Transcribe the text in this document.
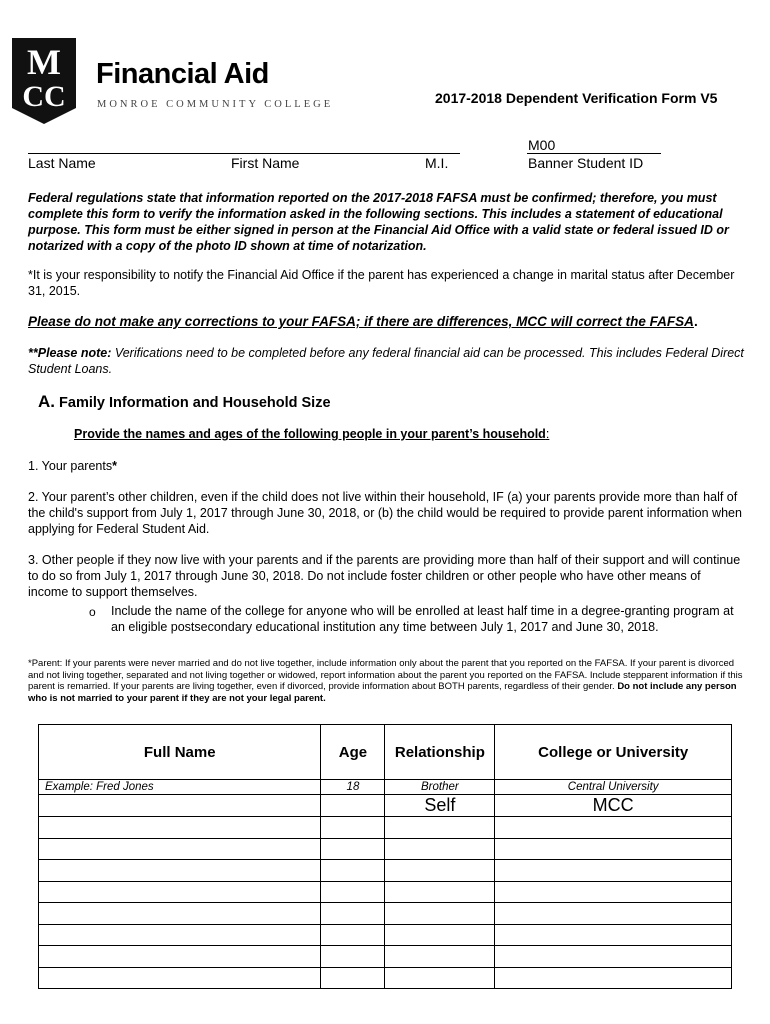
M
CC
Financial Aid
MONROE COMMUNITY COLLEGE	2017-2018 Dependent Verification Form V5
M00
Last Name	First Name	M.I.	Banner Student ID
Federal regulations state that information reported on the 2017-2018 FAFSA must be confirmed; therefore, you must complete this form to verify the information asked in the following sections. This includes a statement of educational purpose. This form must be either signed in person at the Financial Aid Office with a valid state or federal issued ID or notarized with a copy of the photo ID shown at time of notarization.
*It is your responsibility to notify the Financial Aid Office if the parent has experienced a change in marital status after December 31, 2015.
Please do not make any corrections to your FAFSA; if there are differences, MCC will correct the FAFSA.
**Please note: Verifications need to be completed before any federal financial aid can be processed. This includes Federal Direct Student Loans.
A. Family Information and Household Size
Provide the names and ages of the following people in your parent’s household:
1. Your parents*
2. Your parent’s other children, even if the child does not live within their household, IF (a) your parents provide more than half of the child's support from July 1, 2017 through June 30, 2018, or (b) the child would be required to provide parent information when applying for Federal Student Aid.
3. Other people if they now live with your parents and if the parents are providing more than half of their support and will continue to do so from July 1, 2017 through June 30, 2018. Do not include foster children or other people who have other means of income to support themselves.
o Include the name of the college for anyone who will be enrolled at least half time in a degree-granting program at an eligible postsecondary educational institution any time between July 1, 2017 and June 30, 2018.
*Parent: If your parents were never married and do not live together, include information only about the parent that you reported on the FAFSA. If your parent is divorced and not living together, separated and not living together or widowed, report information about the parent you reported on the FAFSA. Include stepparent information if this parent is remarried. If your parents are living together, even if divorced, provide information about BOTH parents, regardless of their gender. Do not include any person who is not married to your parent if they are not your legal parent.
Full Name	Age	Relationship	College or University
Example: Fred Jones	18	Brother	Central University
		Self	MCC
